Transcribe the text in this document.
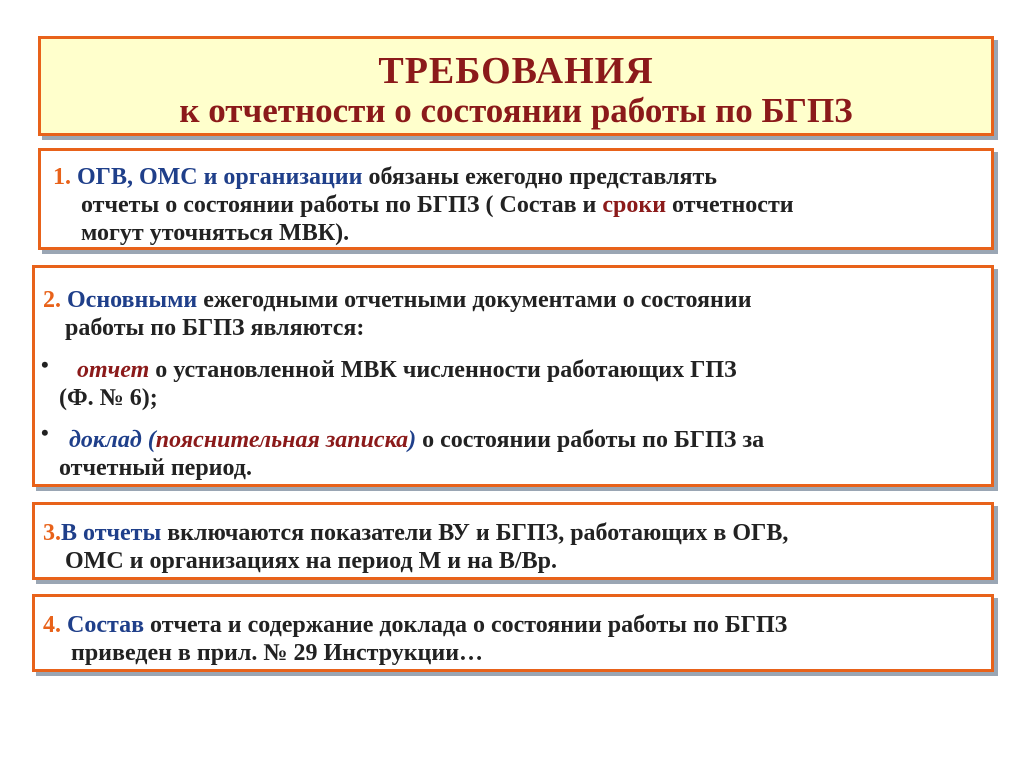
ТРЕБОВАНИЯ
к отчетности о состоянии работы по БГПЗ
1. ОГВ, ОМС и организации обязаны ежегодно представлять
отчеты о состоянии работы по БГПЗ ( Состав и сроки отчетности
могут уточняться МВК).
2. Основными ежегодными отчетными документами о состоянии
работы по БГПЗ являются:
• отчет о установленной МВК численности работающих ГПЗ
(Ф. № 6);
• доклад (пояснительная записка) о состоянии работы по БГПЗ за
отчетный период.
3.В отчеты включаются показатели ВУ и БГПЗ, работающих в ОГВ,
ОМС и организациях на период М и на В/Вр.
4. Состав отчета и содержание доклада о состоянии работы по БГПЗ
приведен в прил. № 29 Инструкции…
